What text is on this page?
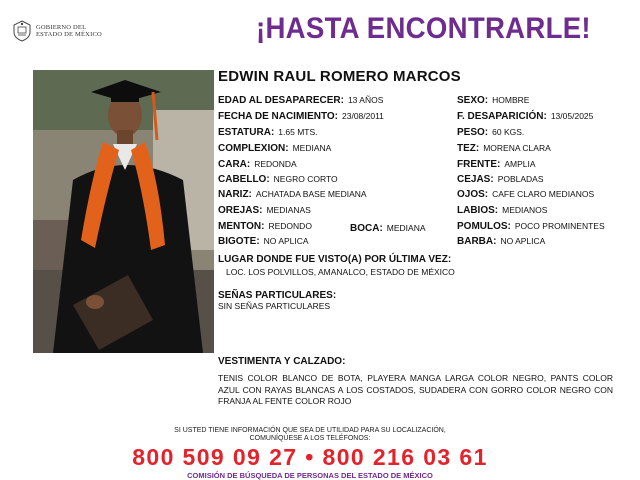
GOBIERNO DEL
ESTADO DE MÉXICO	¡HASTA ENCONTRARLE!
EDWIN RAUL ROMERO MARCOS
EDAD AL DESAPARECER: 13 AÑOS
FECHA DE NACIMIENTO: 23/08/2011
ESTATURA: 1.65 MTS.
COMPLEXION: MEDIANA
CARA: REDONDA
CABELLO: NEGRO CORTO
NARIZ: ACHATADA BASE MEDIANA
OREJAS: MEDIANAS
MENTON: REDONDO	BOCA: MEDIANA
BIGOTE: NO APLICA
SEXO: HOMBRE
F. DESAPARICIÓN: 13/05/2025
PESO: 60 KGS.
TEZ: MORENA CLARA
FRENTE: AMPLIA
CEJAS: POBLADAS
OJOS: CAFE CLARO MEDIANOS
LABIOS: MEDIANOS
POMULOS: POCO PROMINENTES
BARBA: NO APLICA
LUGAR DONDE FUE VISTO(A) POR ÚLTIMA VEZ:
LOC. LOS POLVILLOS, AMANALCO, ESTADO DE MÉXICO
SEÑAS PARTICULARES:
SIN SEÑAS PARTICULARES
VESTIMENTA Y CALZADO:
TENIS COLOR BLANCO DE BOTA, PLAYERA MANGA LARGA COLOR NEGRO, PANTS COLOR AZUL CON RAYAS BLANCAS A LOS COSTADOS, SUDADERA CON GORRO COLOR NEGRO CON FRANJA AL FENTE COLOR ROJO
SI USTED TIENE INFORMACIÓN QUE SEA DE UTILIDAD PARA SU LOCALIZACIÓN,
COMUNÍQUESE A LOS TELÉFONOS:
800 509 09 27 • 800 216 03 61
COMISIÓN DE BÚSQUEDA DE PERSONAS DEL ESTADO DE MÉXICO
